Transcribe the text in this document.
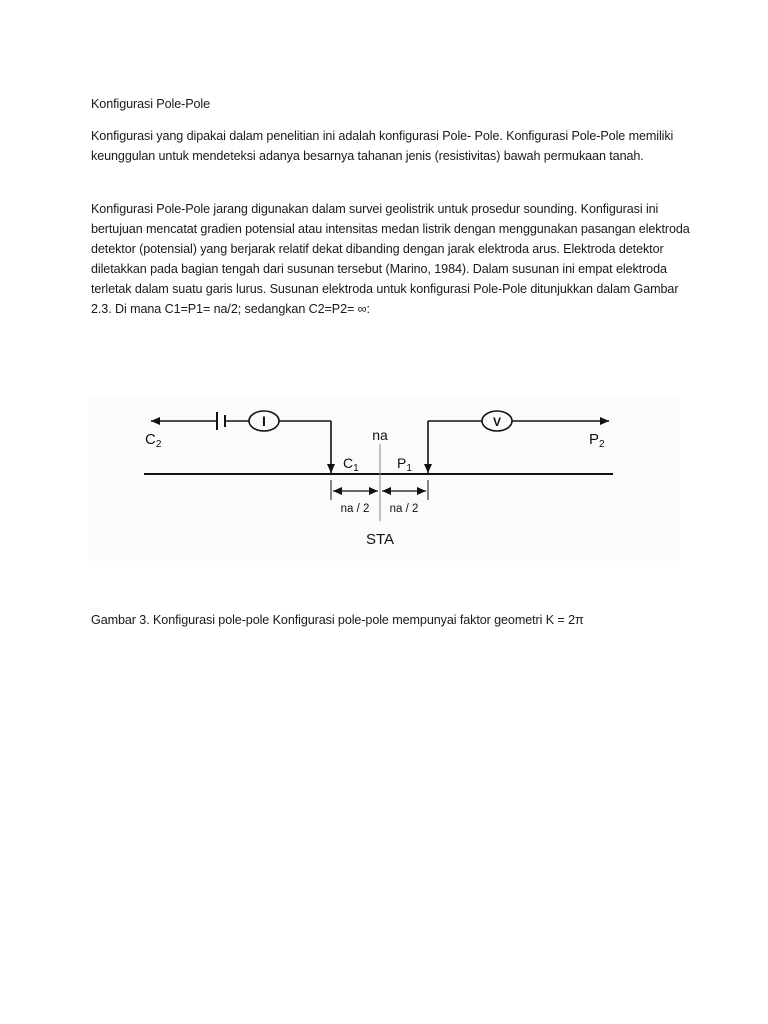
Konfigurasi Pole-Pole
Konfigurasi yang dipakai dalam penelitian ini adalah konfigurasi Pole- Pole. Konfigurasi Pole-Pole memiliki keunggulan untuk mendeteksi adanya besarnya tahanan jenis (resistivitas) bawah permukaan tanah.
Konfigurasi Pole-Pole jarang digunakan dalam survei geolistrik untuk prosedur sounding. Konfigurasi ini bertujuan mencatat gradien potensial atau intensitas medan listrik dengan menggunakan pasangan elektroda detektor (potensial) yang berjarak relatif dekat dibanding dengan jarak elektroda arus. Elektroda detektor diletakkan pada bagian tengah dari susunan tersebut (Marino, 1984). Dalam susunan ini empat elektroda terletak dalam suatu garis lurus. Susunan elektroda untuk konfigurasi Pole-Pole ditunjukkan dalam Gambar 2.3. Di mana C1=P1= na/2; sedangkan C2=P2= ∞:
I	V
$C_2$	$P_2$
na
$C_1$	$P_1$
na / 2 na / 2
STA
Gambar 3. Konfigurasi pole-pole Konfigurasi pole-pole mempunyai faktor geometri K = 2π
